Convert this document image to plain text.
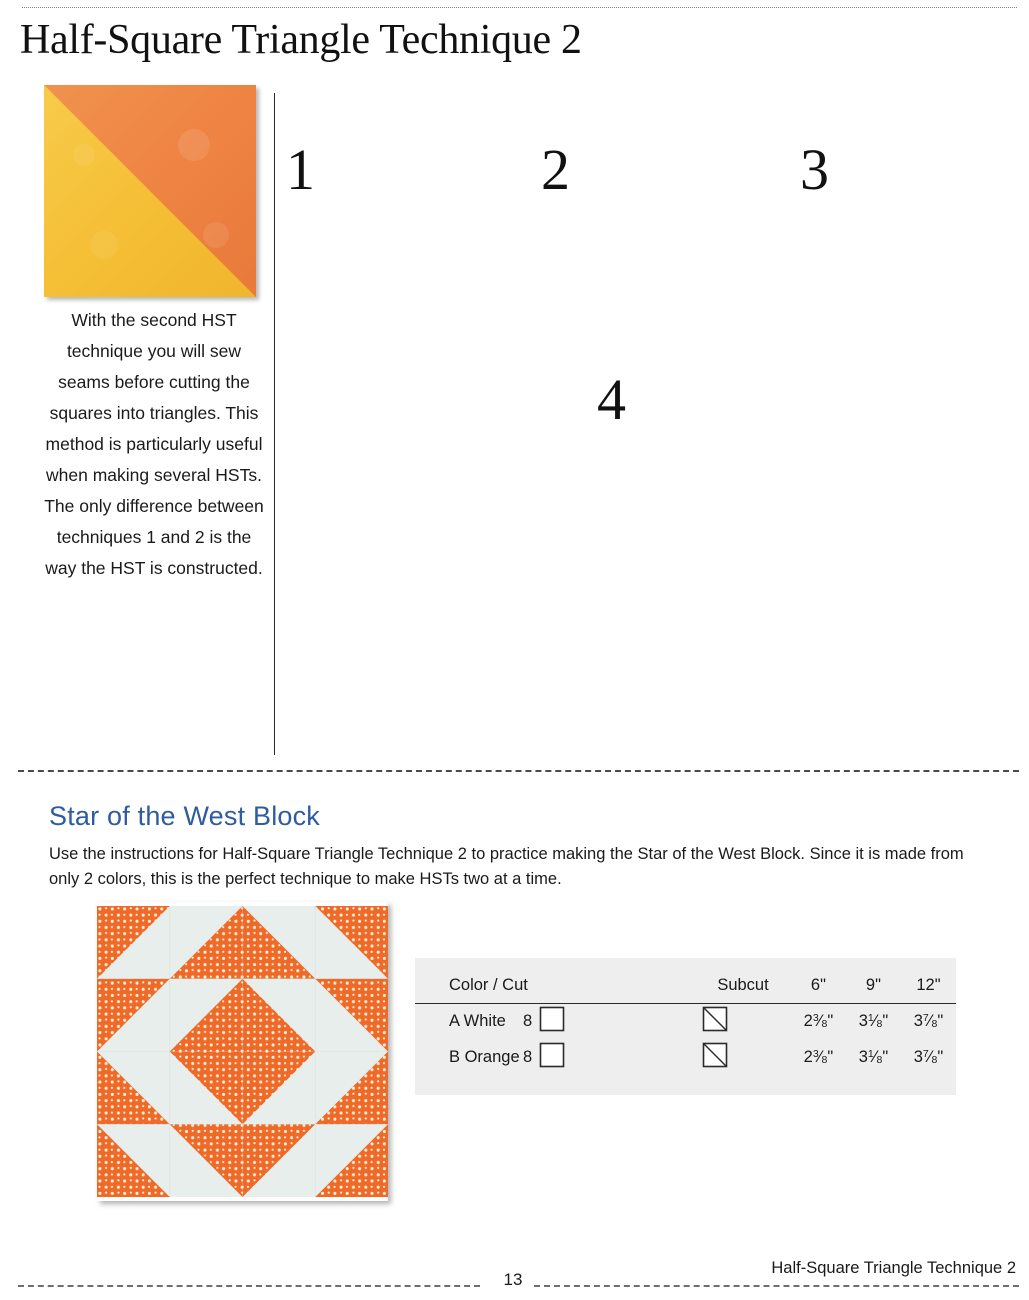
Half-Square Triangle Technique 2
With the second HST technique you will sew seams before cutting the squares into triangles. This method is particularly useful when making several HSTs. The only difference between techniques 1 and 2 is the way the HST is constructed.
1	2	3
4
Star of the West Block
Use the instructions for Half-Square Triangle Technique 2 to practice making the Star of the West Block. Since it is made from only 2 colors, this is the perfect technique to make HSTs two at a time.
Color / Cut	Subcut	6"	9"	12"
A White 8		$2^3⁄_8$"	$3^1⁄_8$"	$3^7⁄_8$"
B Orange 8		$2^3⁄_8$"	$3^1⁄_8$"	$3^7⁄_8$"
Half-Square Triangle Technique 2
13
